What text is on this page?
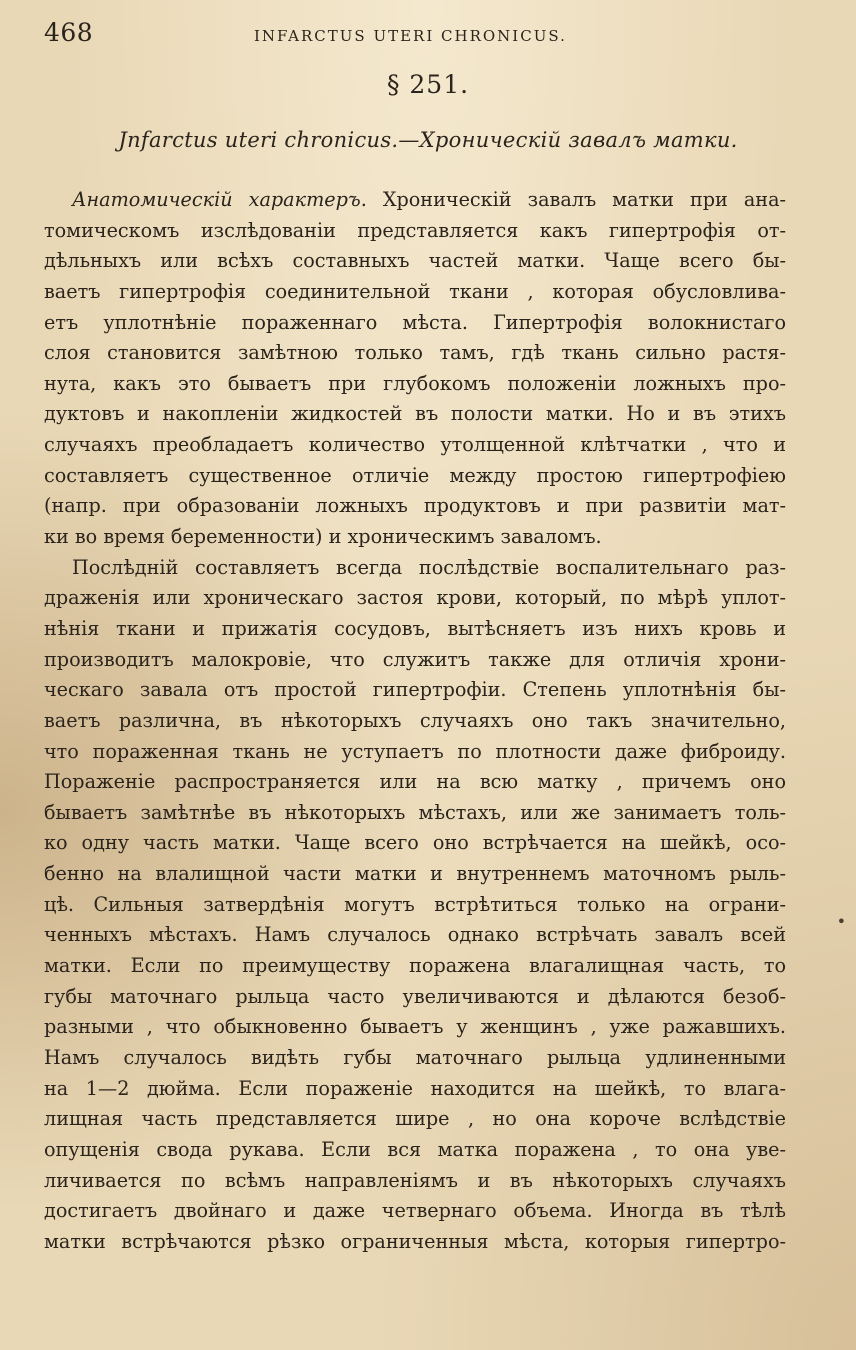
468	INFARCTUS UTERI CHRONICUS.
§ 251.
Jnfarctus uteri chronicus.—Хроническій завалъ матки.
Анатомическій характеръ. Хроническій завалъ матки при ана-
томическомъ изслѣдованіи представляется какъ гипертрофія от-
дѣльныхъ или всѣхъ составныхъ частей матки. Чаще всего бы-
ваетъ гипертрофія соединительной ткани , которая обусловлива-
етъ уплотнѣніе пораженнаго мѣста. Гипертрофія волокнистаго
слоя становится замѣтною только тамъ, гдѣ ткань сильно растя-
нута, какъ это бываетъ при глубокомъ положеніи ложныхъ про-
дуктовъ и накопленіи жидкостей въ полости матки. Но и въ этихъ
случаяхъ преобладаетъ количество утолщенной клѣтчатки , что и
составляетъ существенное отличіе между простою гипертрофіею
(напр. при образованіи ложныхъ продуктовъ и при развитіи мат-
ки во время беременности) и хроническимъ заваломъ.
Послѣдній составляетъ всегда послѣдствіе воспалительнаго раз-
драженія или хроническаго застоя крови, который, по мѣрѣ уплот-
нѣнія ткани и прижатія сосудовъ, вытѣсняетъ изъ нихъ кровь и
производитъ малокровіе, что служитъ также для отличія хрони-
ческаго завала отъ простой гипертрофіи. Степень уплотнѣнія бы-
ваетъ различна, въ нѣкоторыхъ случаяхъ оно такъ значительно,
что пораженная ткань не уступаетъ по плотности даже фиброиду.
Пораженіе распространяется или на всю матку , причемъ оно
бываетъ замѣтнѣе въ нѣкоторыхъ мѣстахъ, или же занимаетъ толь-
ко одну часть матки. Чаще всего оно встрѣчается на шейкѣ, осо-
бенно на влалищной части матки и внутреннемъ маточномъ рыль-
цѣ. Сильныя затвердѣнія могутъ встрѣтиться только на ограни-
ченныхъ мѣстахъ. Намъ случалось однако встрѣчать завалъ всей
матки. Если по преимуществу поражена влагалищная часть, то
губы маточнаго рыльца часто увеличиваются и дѣлаются безоб-
разными , что обыкновенно бываетъ у женщинъ , уже ражавшихъ.
Намъ случалось видѣть губы маточнаго рыльца удлиненными
на 1—2 дюйма. Если пораженіе находится на шейкѣ, то влага-
лищная часть представляется шире , но она короче вслѣдствіе
опущенія свода рукава. Если вся матка поражена , то она уве-
личивается по всѣмъ направленіямъ и въ нѣкоторыхъ случаяхъ
достигаетъ двойнаго и даже четвернаго объема. Иногда въ тѣлѣ
матки встрѣчаются рѣзко ограниченныя мѣста, которыя гипертро-
•
